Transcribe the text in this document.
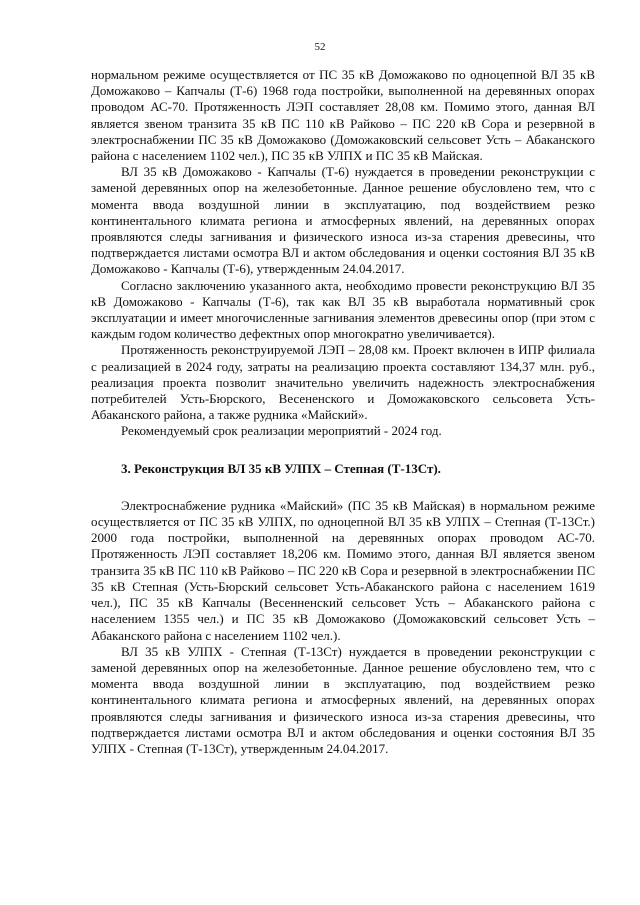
52

нормальном режиме осуществляется от ПС 35 кВ Доможаково по одноцепной ВЛ 35 кВ Доможаково – Капчалы (Т-6) 1968 года постройки, выполненной на деревянных опорах проводом АС-70. Протяженность ЛЭП составляет 28,08 км. Помимо этого, данная ВЛ является звеном транзита 35 кВ ПС 110 кВ Райково – ПС 220 кВ Сора и резервной в электроснабжении ПС 35 кВ Доможаково (Доможаковский сельсовет Усть – Абаканского района с населением 1102 чел.), ПС 35 кВ УЛПХ и ПС 35 кВ Майская.

ВЛ 35 кВ Доможаково - Капчалы (Т-6) нуждается в проведении реконструкции с заменой деревянных опор на железобетонные. Данное решение обусловлено тем, что с момента ввода воздушной линии в эксплуатацию, под воздействием резко континентального климата региона и атмосферных явлений, на деревянных опорах проявляются следы загнивания и физического износа из-за старения древесины, что подтверждается листами осмотра ВЛ и актом обследования и оценки состояния ВЛ 35 кВ Доможаково - Капчалы (Т-6), утвержденным 24.04.2017.

Согласно заключению указанного акта, необходимо провести реконструкцию ВЛ 35 кВ Доможаково - Капчалы (Т-6), так как ВЛ 35 кВ выработала нормативный срок эксплуатации и имеет многочисленные загнивания элементов древесины опор (при этом с каждым годом количество дефектных опор многократно увеличивается).

Протяженность реконструируемой ЛЭП – 28,08 км. Проект включен в ИПР филиала с реализацией в 2024 году, затраты на реализацию проекта составляют 134,37 млн. руб., реализация проекта позволит значительно увеличить надежность электроснабжения потребителей Усть-Бюрского, Весененского и Доможаковского сельсовета Усть-Абаканского района, а также рудника «Майский».

Рекомендуемый срок реализации мероприятий - 2024 год.

3. Реконструкция ВЛ 35 кВ УЛПХ – Степная (Т-13Ст).

Электроснабжение рудника «Майский» (ПС 35 кВ Майская) в нормальном режиме осуществляется от ПС 35 кВ УЛПХ, по одноцепной ВЛ 35 кВ УЛПХ – Степная (Т-13Ст.) 2000 года постройки, выполненной на деревянных опорах проводом АС-70. Протяженность ЛЭП составляет 18,206 км. Помимо этого, данная ВЛ является звеном транзита 35 кВ ПС 110 кВ Райково – ПС 220 кВ Сора и резервной в электроснабжении ПС 35 кВ Степная (Усть-Бюрский сельсовет Усть-Абаканского района с населением 1619 чел.), ПС 35 кВ Капчалы (Весенненский сельсовет Усть – Абаканского района с населением 1355 чел.) и ПС 35 кВ Доможаково (Доможаковский сельсовет Усть – Абаканского района с населением 1102 чел.).

ВЛ 35 кВ УЛПХ - Степная (Т-13Ст) нуждается в проведении реконструкции с заменой деревянных опор на железобетонные. Данное решение обусловлено тем, что с момента ввода воздушной линии в эксплуатацию, под воздействием резко континентального климата региона и атмосферных явлений, на деревянных опорах проявляются следы загнивания и физического износа из-за старения древесины, что подтверждается листами осмотра ВЛ и актом обследования и оценки состояния ВЛ 35 УЛПХ - Степная (Т-13Ст), утвержденным 24.04.2017.
